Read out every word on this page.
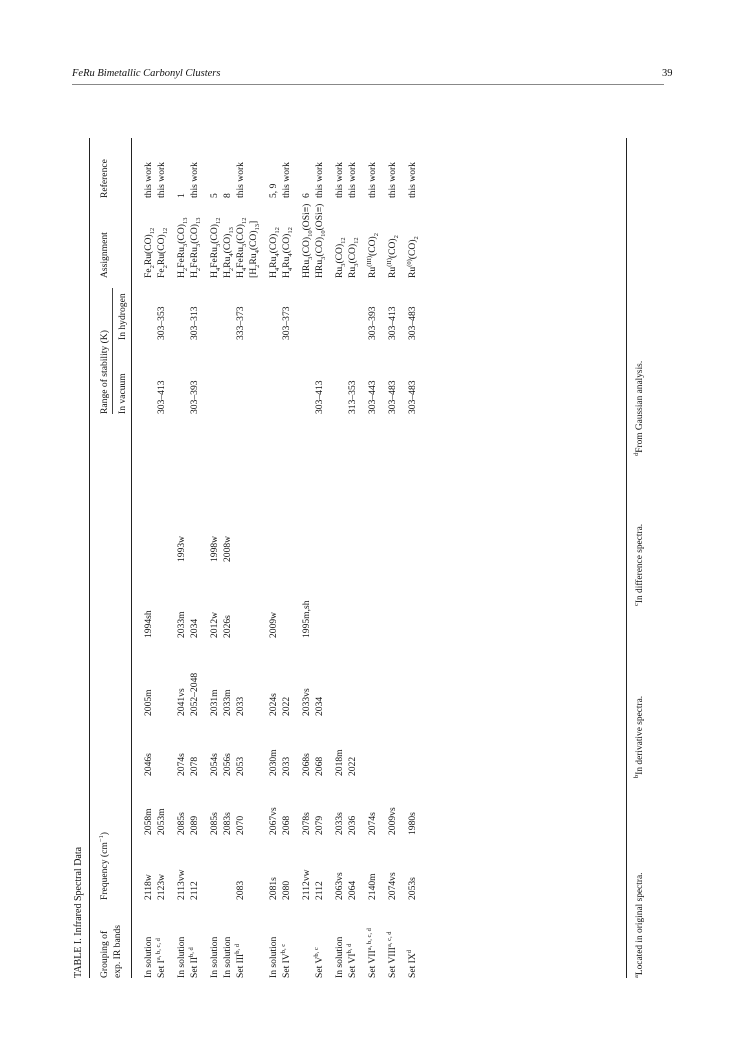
FeRu Bimetallic Carbonyl Clusters	39
TABLE I. Infrared Spectral Data Grouping of exp. IR bands
Frequency $(cm^{-1})$
Range of stability (K) In vacuum
In hydrogen
Assignment
Reference
In solution
2118w
2058m
2046s
2005m
1994sh
$Fe_2Ru(CO)_{12}$
this work
Set I$^{a, b, c, d}$
2123w
2053m
303–413
303–353
$Fe_2Ru(CO)_{12}$
this work
In solution
2113vw
2085s
2074s
2041vs
2033m
1993w
$H_2FeRu_3(CO)_{13}$
1
Set II$^{b, d}$
2112
2089
2078
2052–2048
2034
303–393
303–313
$H_2FeRu_3(CO)_{13}$
this work
In solution
2085s
2054s
2031m
2012w
1998w
$H_4FeRu_3(CO)_{12}$
5
In solution
2083s
2056s
2033m
2026s
2008w
$H_2Ru_4(CO)_{13}$
8
Set III$^{b, d}$
2083
2070
2053
2033
333–373
$H_4FeRu_3(CO)_{12}$
this work
$[H_2Ru_4(CO)_{13}]$
In solution
2081s
2067vs
2030m
2024s
2009w
$H_4Ru_4(CO)_{12}$
5, 9
Set IV$^{b, c}$
2080
2068
2033
2022
303–373
$H_4Ru_4(CO)_{12}$
this work
2112vw
2078s
2068s
2033vs
1995m,sh
$HRu_3(CO)_{10}(OSi\equiv)$
6
Set V$^{b, c}$
2112
2079
2068
2034
303–413
$HRu_3(CO)_{10}(OSi\equiv)$
this work
In solution
2063vs
2033s
2018m
$Ru_3(CO)_{12}$
this work
Set VI$^{b, d}$
2064
2036
2022
313–353
$Ru_3(CO)_{12}$
this work
Set VII$^{a, b, c, d}$
2140m
2074s
303–443
303–393
$Ru^{(III)}(CO)_2$
this work
Set VIII$^{a, c, d}$
2074vs
2009vs
303–483
303–413
$Ru^{(II)}(CO)_2$
this work
Set $IX^d$
2053s
1980s
303–483
303–483
$Ru^{(0)}(CO)_2$
this work
$^a$Located in original spectra.
$^b$In derivative spectra.
$^c$In difference spectra.
$^d$From Gaussian analysis.
